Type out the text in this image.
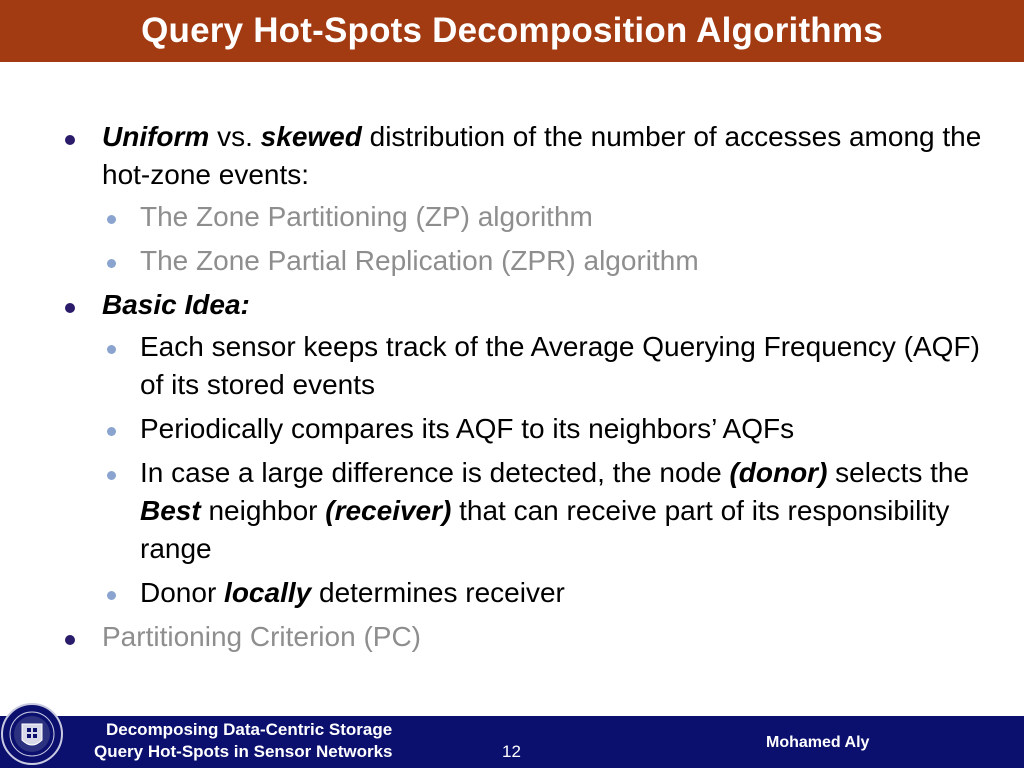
Query Hot-Spots Decomposition Algorithms
Uniform vs. skewed distribution of the number of accesses among the hot-zone events:
The Zone Partitioning (ZP) algorithm
The Zone Partial Replication (ZPR) algorithm
Basic Idea:
Each sensor keeps track of the Average Querying Frequency (AQF) of its stored events
Periodically compares its AQF to its neighbors’ AQFs
In case a large difference is detected, the node (donor) selects the Best neighbor (receiver) that can receive part of its responsibility range
Donor locally determines receiver
Partitioning Criterion (PC)
Decomposing Data-Centric Storage
Query Hot-Spots in Sensor Networks	12	Mohamed Aly
